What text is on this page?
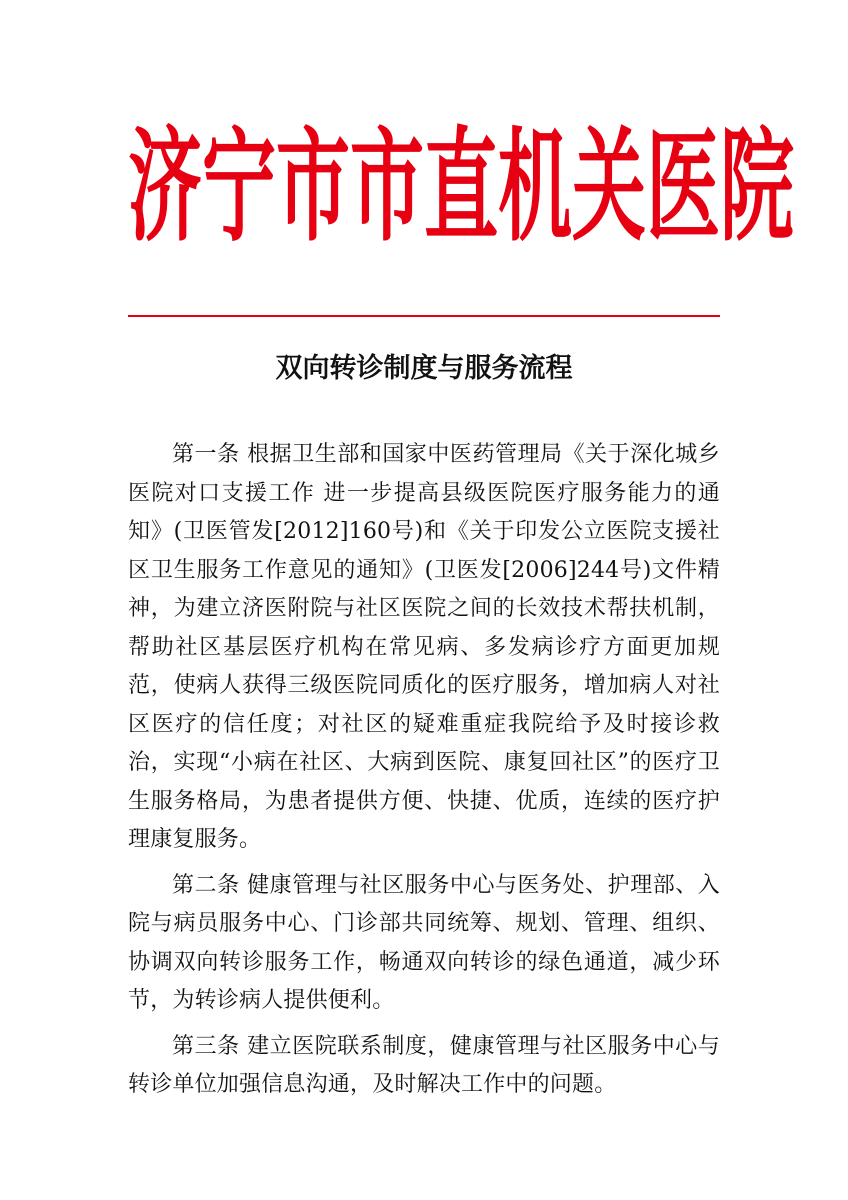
济 宁 市 市 直 机 关 医 院
双向转诊制度与服务流程

第一条 根据卫生部和国家中医药管理局《关于深化城乡医院对口支援工作 进一步提高县级医院医疗服务能力的通知》(卫医管发[2012]160号)和《关于印发公立医院支援社区卫生服务工作意见的通知》(卫医发[2006]244号)文件精神，为建立济医附院与社区医院之间的长效技术帮扶机制，帮助社区基层医疗机构在常见病、多发病诊疗方面更加规范，使病人获得三级医院同质化的医疗服务，增加病人对社区医疗的信任度；对社区的疑难重症我院给予及时接诊救治，实现“小病在社区、大病到医院、康复回社区”的医疗卫生服务格局，为患者提供方便、快捷、优质，连续的医疗护理康复服务。

第二条 健康管理与社区服务中心与医务处、护理部、入院与病员服务中心、门诊部共同统筹、规划、管理、组织、协调双向转诊服务工作，畅通双向转诊的绿色通道，减少环节，为转诊病人提供便利。

第三条 建立医院联系制度，健康管理与社区服务中心与转诊单位加强信息沟通，及时解决工作中的问题。
